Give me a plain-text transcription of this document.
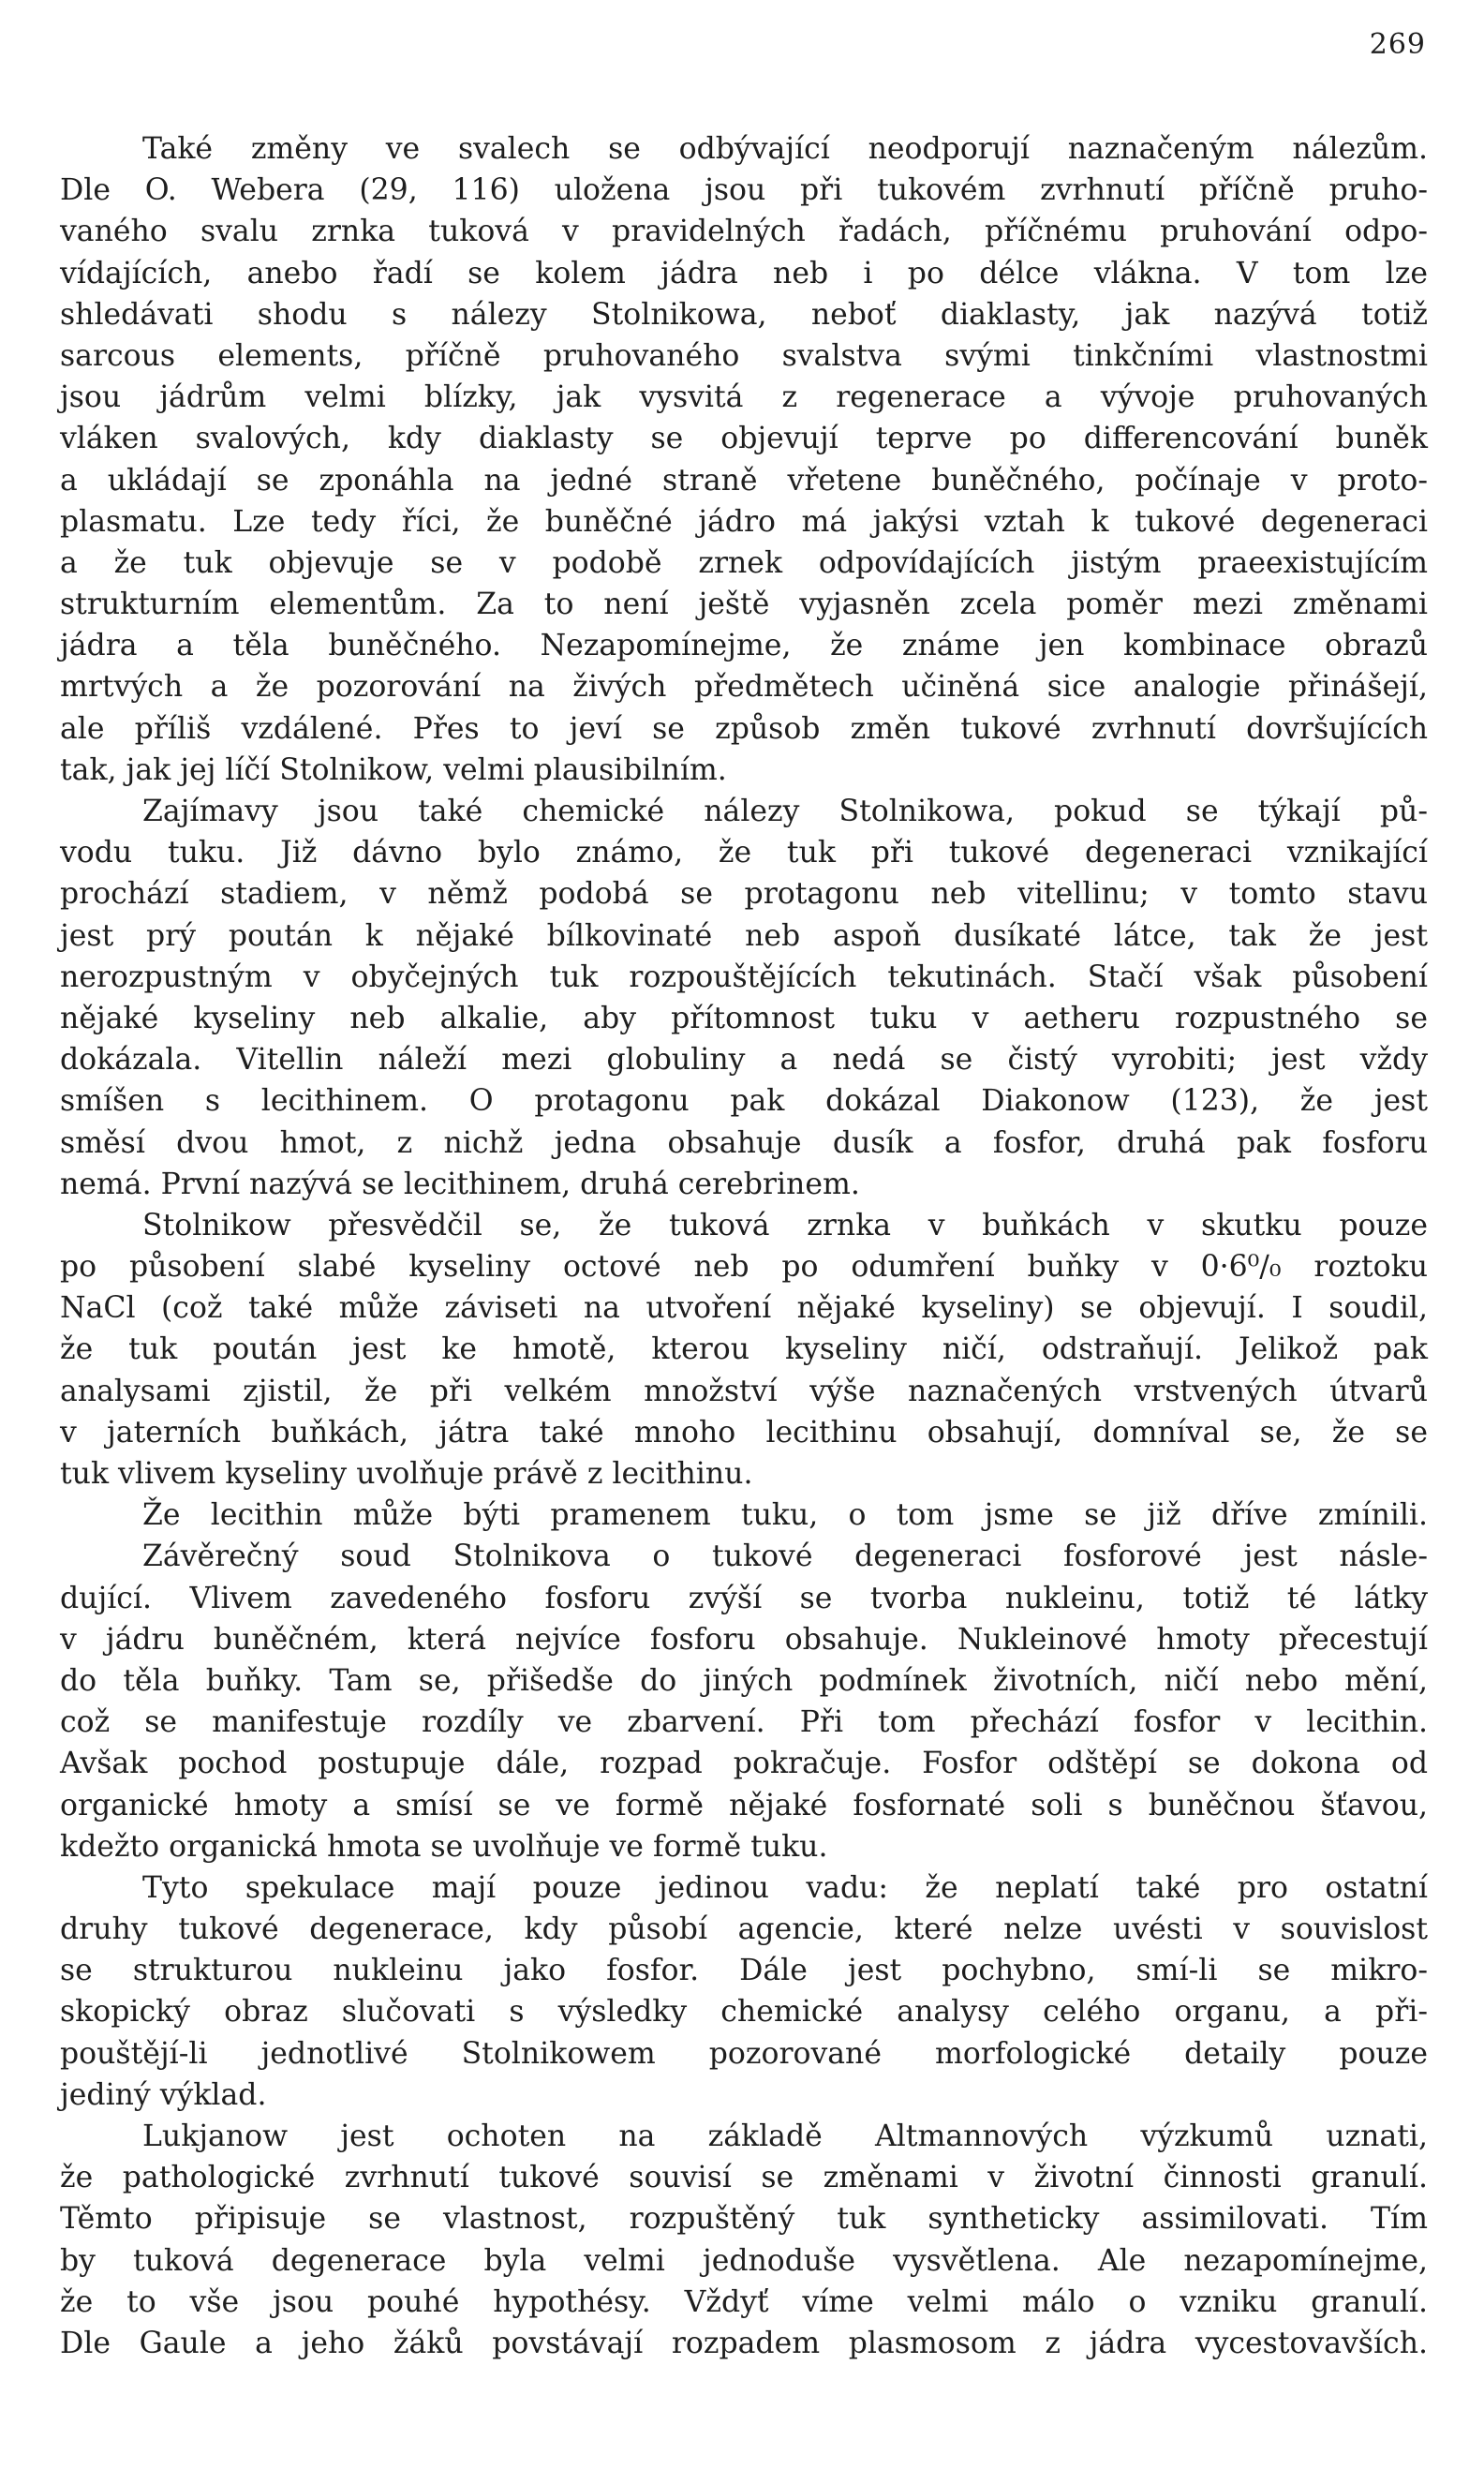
269
Také změny ve svalech se odbývající neodporují naznačeným nálezům.
Dle O. Webera (29, 116) uložena jsou při tukovém zvrhnutí příčně pruho-
vaného svalu zrnka tuková v pravidelných řadách, příčnému pruhování odpo-
vídajících, anebo řadí se kolem jádra neb i po délce vlákna. V tom lze
shledávati shodu s nálezy Stolnikowa, neboť diaklasty, jak nazývá totiž
sarcous elements, příčně pruhovaného svalstva svými tinkčními vlastnostmi
jsou jádrům velmi blízky, jak vysvitá z regenerace a vývoje pruhovaných
vláken svalových, kdy diaklasty se objevují teprve po differencování buněk
a ukládají se zponáhla na jedné straně vřetene buněčného, počínaje v proto-
plasmatu. Lze tedy říci, že buněčné jádro má jakýsi vztah k tukové degeneraci
a že tuk objevuje se v podobě zrnek odpovídajících jistým praeexistujícím
strukturním elementům. Za to není ještě vyjasněn zcela poměr mezi změnami
jádra a těla buněčného. Nezapomínejme, že známe jen kombinace obrazů
mrtvých a že pozorování na živých předmětech učiněná sice analogie přinášejí,
ale příliš vzdálené. Přes to jeví se způsob změn tukové zvrhnutí dovršujících
tak, jak jej líčí Stolnikow, velmi plausibilním.
Zajímavy jsou také chemické nálezy Stolnikowa, pokud se týkají pů-
vodu tuku. Již dávno bylo známo, že tuk při tukové degeneraci vznikající
prochází stadiem, v němž podobá se protagonu neb vitellinu; v tomto stavu
jest prý poután k nějaké bílkovinaté neb aspoň dusíkaté látce, tak že jest
nerozpustným v obyčejných tuk rozpouštějících tekutinách. Stačí však působení
nějaké kyseliny neb alkalie, aby přítomnost tuku v aetheru rozpustného se
dokázala. Vitellin náleží mezi globuliny a nedá se čistý vyrobiti; jest vždy
smíšen s lecithinem. O protagonu pak dokázal Diakonow (123), že jest
směsí dvou hmot, z nichž jedna obsahuje dusík a fosfor, druhá pak fosforu
nemá. První nazývá se lecithinem, druhá cerebrinem.
Stolnikow přesvědčil se, že tuková zrnka v buňkách v skutku pouze
po působení slabé kyseliny octové neb po odumření buňky v 0·6⁰/₀ roztoku
NaCl (což také může záviseti na utvoření nějaké kyseliny) se objevují. I soudil,
že tuk poután jest ke hmotě, kterou kyseliny ničí, odstraňují. Jelikož pak
analysami zjistil, že při velkém množství výše naznačených vrstvených útvarů
v jaterních buňkách, játra také mnoho lecithinu obsahují, domníval se, že se
tuk vlivem kyseliny uvolňuje právě z lecithinu.
Že lecithin může býti pramenem tuku, o tom jsme se již dříve zmínili.
Závěrečný soud Stolnikova o tukové degeneraci fosforové jest násle-
dující. Vlivem zavedeného fosforu zvýší se tvorba nukleinu, totiž té látky
v jádru buněčném, která nejvíce fosforu obsahuje. Nukleinové hmoty přecestují
do těla buňky. Tam se, přišedše do jiných podmínek životních, ničí nebo mění,
což se manifestuje rozdíly ve zbarvení. Při tom přechází fosfor v lecithin.
Avšak pochod postupuje dále, rozpad pokračuje. Fosfor odštěpí se dokona od
organické hmoty a smísí se ve formě nějaké fosfornaté soli s buněčnou šťavou,
kdežto organická hmota se uvolňuje ve formě tuku.
Tyto spekulace mají pouze jedinou vadu: že neplatí také pro ostatní
druhy tukové degenerace, kdy působí agencie, které nelze uvésti v souvislost
se strukturou nukleinu jako fosfor. Dále jest pochybno, smí-li se mikro-
skopický obraz slučovati s výsledky chemické analysy celého organu, a při-
pouštějí-li jednotlivé Stolnikowem pozorované morfologické detaily pouze
jediný výklad.
Lukjanow jest ochoten na základě Altmannových výzkumů uznati,
že pathologické zvrhnutí tukové souvisí se změnami v životní činnosti granulí.
Těmto připisuje se vlastnost, rozpuštěný tuk syntheticky assimilovati. Tím
by tuková degenerace byla velmi jednoduše vysvětlena. Ale nezapomínejme,
že to vše jsou pouhé hypothésy. Vždyť víme velmi málo o vzniku granulí.
Dle Gaule a jeho žáků povstávají rozpadem plasmosom z jádra vycestovavších.
